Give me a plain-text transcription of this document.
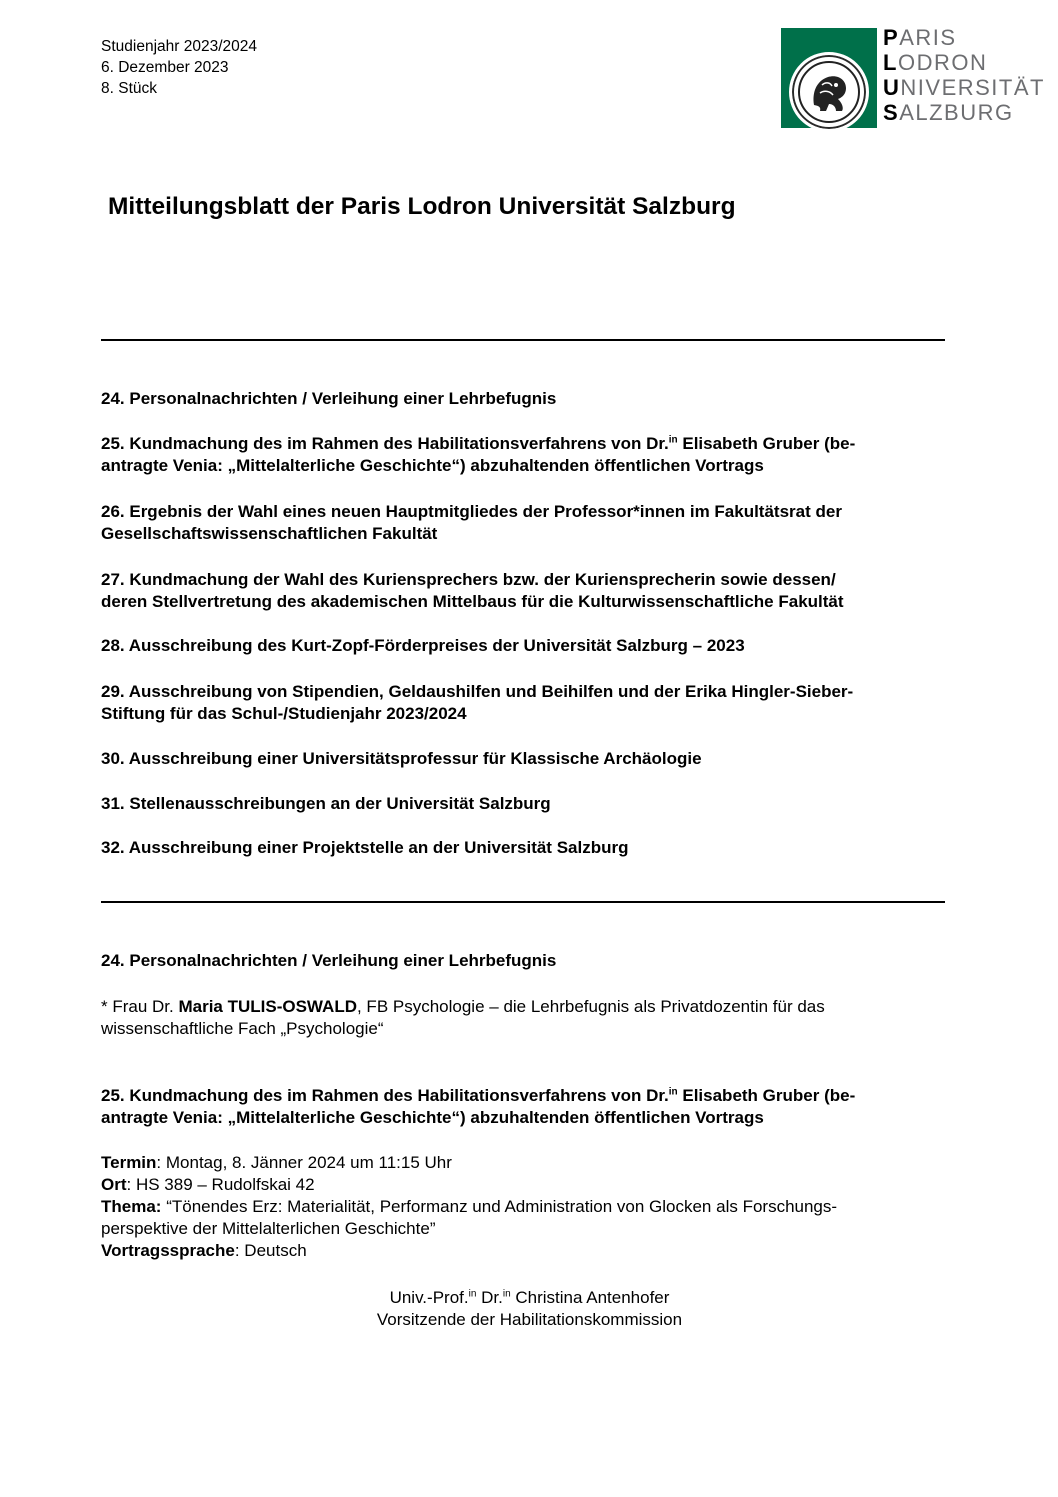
Studienjahr 2023/2024
6. Dezember 2023
8. Stück
PARIS
LODRON
UNIVERSITÄT
SALZBURG
Mitteilungsblatt der Paris Lodron Universität Salzburg
24. Personalnachrichten / Verleihung einer Lehrbefugnis
25. Kundmachung des im Rahmen des Habilitationsverfahrens von Dr.$^{in}$ Elisabeth Gruber (be-
antragte Venia: „Mittelalterliche Geschichte“) abzuhaltenden öffentlichen Vortrags
26. Ergebnis der Wahl eines neuen Hauptmitgliedes der Professor*innen im Fakultätsrat der
Gesellschaftswissenschaftlichen Fakultät
27. Kundmachung der Wahl des Kuriensprechers bzw. der Kuriensprecherin sowie dessen/
deren Stellvertretung des akademischen Mittelbaus für die Kulturwissenschaftliche Fakultät
28. Ausschreibung des Kurt-Zopf-Förderpreises der Universität Salzburg – 2023
29. Ausschreibung von Stipendien, Geldaushilfen und Beihilfen und der Erika Hingler-Sieber-
Stiftung für das Schul-/Studienjahr 2023/2024
30. Ausschreibung einer Universitätsprofessur für Klassische Archäologie
31. Stellenausschreibungen an der Universität Salzburg
32. Ausschreibung einer Projektstelle an der Universität Salzburg
24. Personalnachrichten / Verleihung einer Lehrbefugnis
* Frau Dr. Maria TULIS-OSWALD, FB Psychologie – die Lehrbefugnis als Privatdozentin für das
wissenschaftliche Fach „Psychologie“
25. Kundmachung des im Rahmen des Habilitationsverfahrens von Dr.$^{in}$ Elisabeth Gruber (be-
antragte Venia: „Mittelalterliche Geschichte“) abzuhaltenden öffentlichen Vortrags
Termin: Montag, 8. Jänner 2024 um 11:15 Uhr
Ort: HS 389 – Rudolfskai 42
Thema: “Tönendes Erz: Materialität, Performanz und Administration von Glocken als Forschungs-
perspektive der Mittelalterlichen Geschichte”
Vortragssprache: Deutsch
Univ.-Prof.$^{in}$ Dr.$^{in}$ Christina Antenhofer
Vorsitzende der Habilitationskommission
